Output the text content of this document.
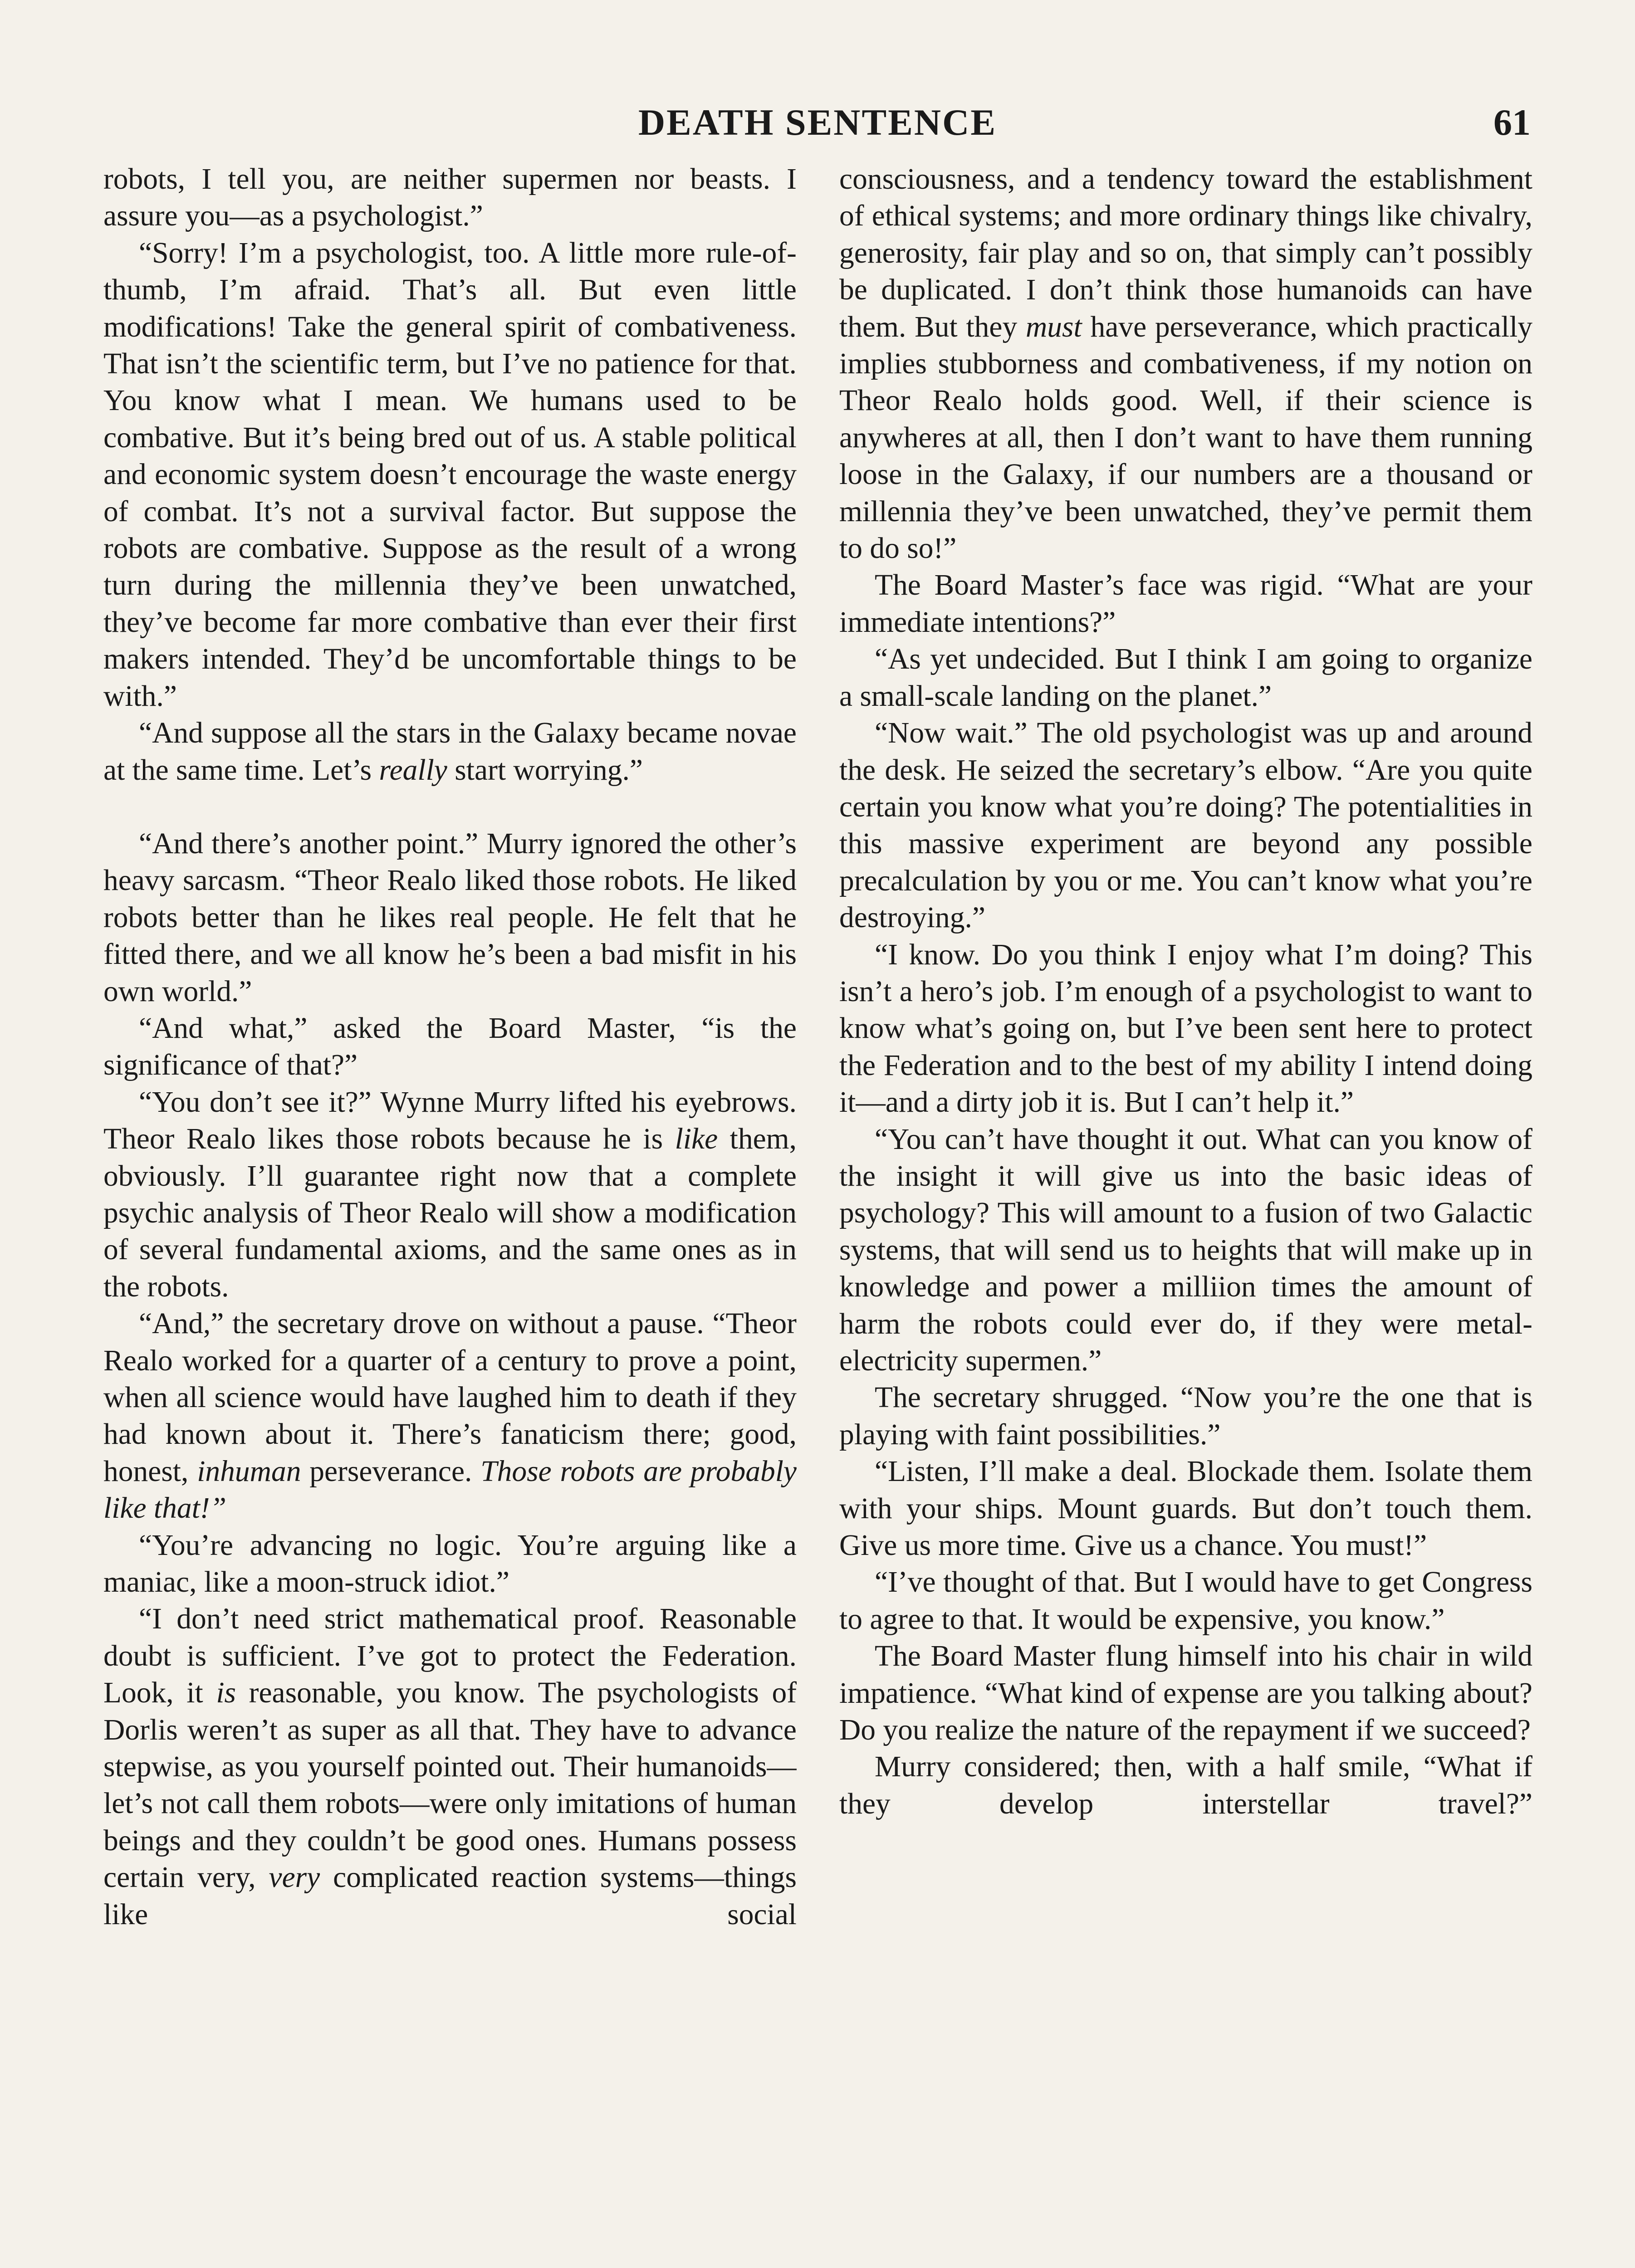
DEATH SENTENCE	61

robots, I tell you, are neither supermen nor beasts. I assure you—as a psychologist.”

“Sorry! I’m a psychologist, too. A little more rule-of-thumb, I’m afraid. That’s all. But even little modifications! Take the general spirit of combativeness. That isn’t the scientific term, but I’ve no patience for that. You know what I mean. We humans used to be combative. But it’s being bred out of us. A stable political and economic system doesn’t encourage the waste energy of combat. It’s not a survival factor. But suppose the robots are combative. Suppose as the result of a wrong turn during the millennia they’ve been unwatched, they’ve become far more combative than ever their first makers intended. They’d be uncomfortable things to be with.”

“And suppose all the stars in the Galaxy became novae at the same time. Let’s really start worrying.”

“And there’s another point.” Murry ignored the other’s heavy sarcasm. “Theor Realo liked those robots. He liked robots better than he likes real people. He felt that he fitted there, and we all know he’s been a bad misfit in his own world.”

“And what,” asked the Board Master, “is the significance of that?”

“You don’t see it?” Wynne Murry lifted his eyebrows. Theor Realo likes those robots because he is like them, obviously. I’ll guarantee right now that a complete psychic analysis of Theor Realo will show a modification of several fundamental axioms, and the same ones as in the robots.

“And,” the secretary drove on without a pause. “Theor Realo worked for a quarter of a century to prove a point, when all science would have laughed him to death if they had known about it. There’s fanaticism there; good, honest, inhuman perseverance. Those robots are probably like that!”

“You’re advancing no logic. You’re arguing like a maniac, like a moon-struck idiot.”

“I don’t need strict mathematical proof. Reasonable doubt is sufficient. I’ve got to protect the Federation. Look, it is reasonable, you know. The psychologists of Dorlis weren’t as super as all that. They have to advance stepwise, as you yourself pointed out. Their humanoids—let’s not call them robots—were only imitations of human beings and they couldn’t be good ones. Humans possess certain very, very complicated reaction systems—things like social

consciousness, and a tendency toward the establishment of ethical systems; and more ordinary things like chivalry, generosity, fair play and so on, that simply can’t possibly be duplicated. I don’t think those humanoids can have them. But they must have perseverance, which practically implies stubborness and combativeness, if my notion on Theor Realo holds good. Well, if their science is anywheres at all, then I don’t want to have them running loose in the Galaxy, if our numbers are a thousand or millennia they’ve been unwatched, they’ve permit them to do so!”

The Board Master’s face was rigid. “What are your immediate intentions?”

“As yet undecided. But I think I am going to organize a small-scale landing on the planet.”

“Now wait.” The old psychologist was up and around the desk. He seized the secretary’s elbow. “Are you quite certain you know what you’re doing? The potentialities in this massive experiment are beyond any possible precalculation by you or me. You can’t know what you’re destroying.”

“I know. Do you think I enjoy what I’m doing? This isn’t a hero’s job. I’m enough of a psychologist to want to know what’s going on, but I’ve been sent here to protect the Federation and to the best of my ability I intend doing it—and a dirty job it is. But I can’t help it.”

“You can’t have thought it out. What can you know of the insight it will give us into the basic ideas of psychology? This will amount to a fusion of two Galactic systems, that will send us to heights that will make up in knowledge and power a milliion times the amount of harm the robots could ever do, if they were metal-electricity supermen.”

The secretary shrugged. “Now you’re the one that is playing with faint possibilities.”

“Listen, I’ll make a deal. Blockade them. Isolate them with your ships. Mount guards. But don’t touch them. Give us more time. Give us a chance. You must!”

“I’ve thought of that. But I would have to get Congress to agree to that. It would be expensive, you know.”

The Board Master flung himself into his chair in wild impatience. “What kind of expense are you talking about? Do you realize the nature of the repayment if we succeed?

Murry considered; then, with a half smile, “What if they develop interstellar travel?”
